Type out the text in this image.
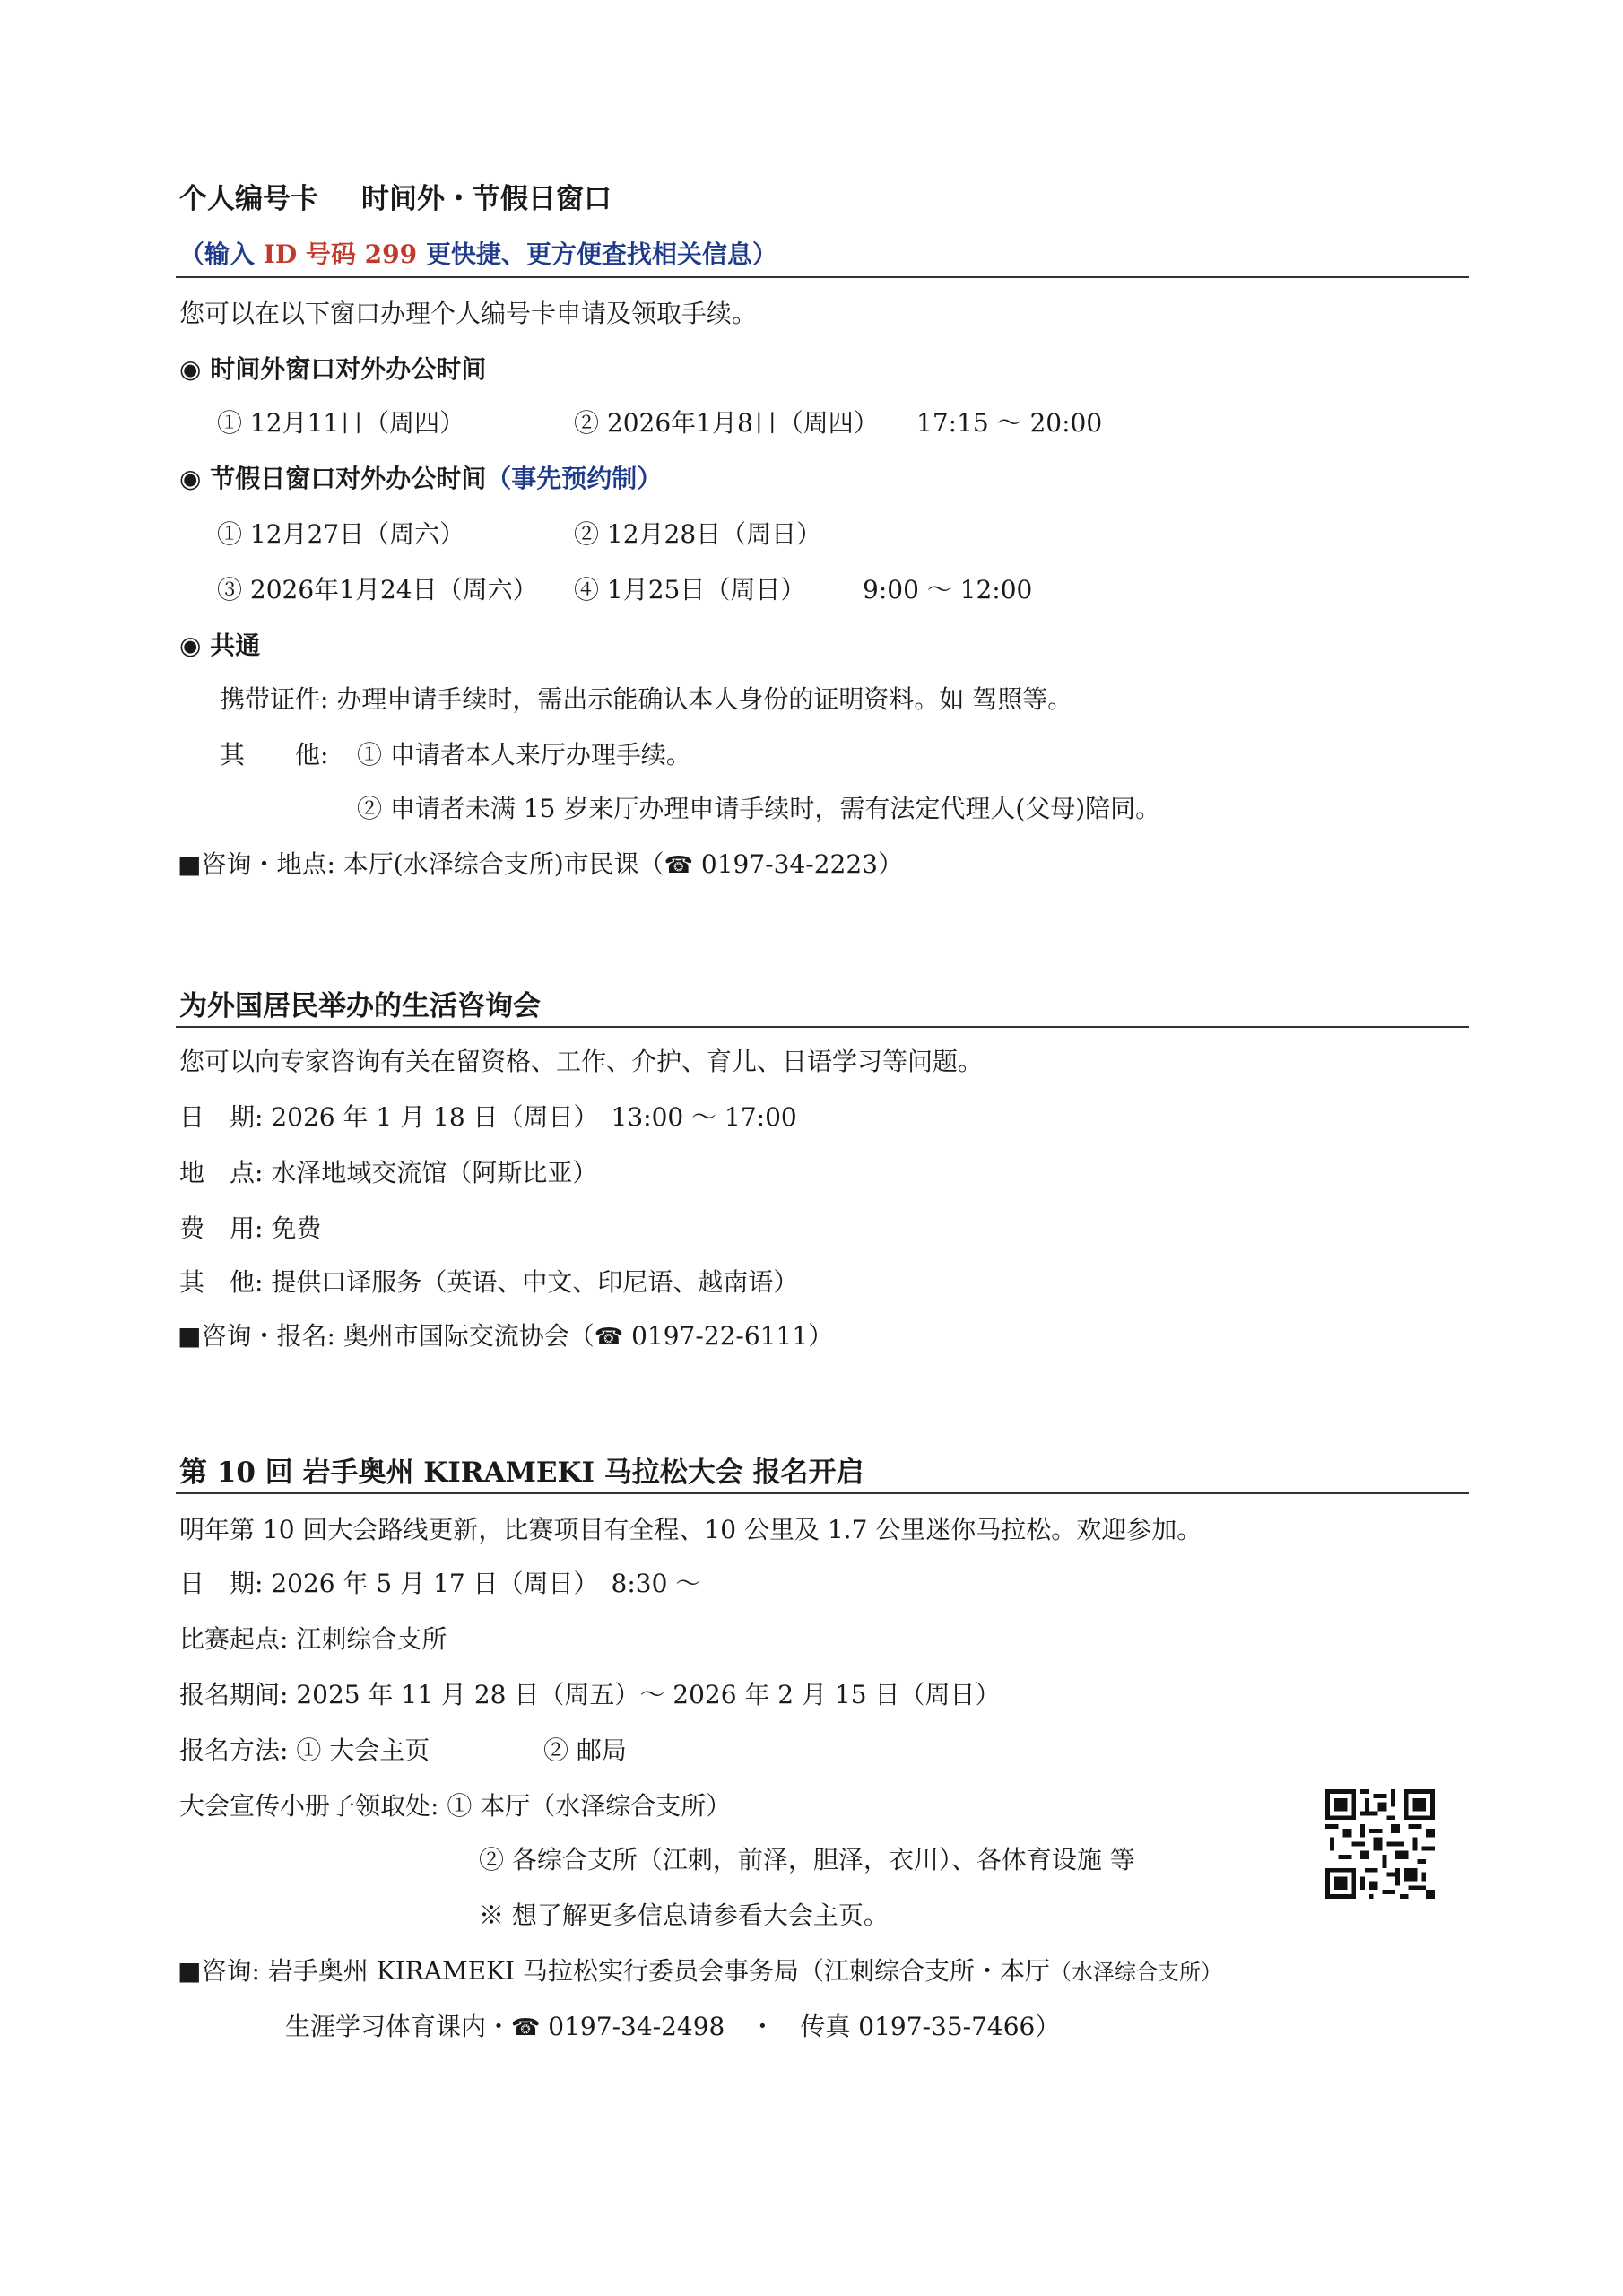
个人编号卡 时间外・节假日窗口
（输入 ID 号码 299 更快捷、更方便查找相关信息）
您可以在以下窗口办理个人编号卡申请及领取手续。
◉ 时间外窗口对外办公时间
① 12月11日（周四）	② 2026年1月8日（周四） 17:15 ～ 20:00
◉ 节假日窗口对外办公时间（事先预约制）
① 12月27日（周六）	② 12月28日（周日）
③ 2026年1月24日（周六） ④ 1月25日（周日） 9:00 ～ 12:00
◉ 共通
携带证件: 办理申请手续时，需出示能确认本人身份的证明资料。如 驾照等。
其　　他: ① 申请者本人来厅办理手续。
② 申请者未满 15 岁来厅办理申请手续时，需有法定代理人(父母)陪同。
■咨询・地点: 本厅(水泽综合支所)市民课（☎ 0197-34-2223）
为外国居民举办的生活咨询会
您可以向专家咨询有关在留资格、工作、介护、育儿、日语学习等问题。
日　期: 2026 年 1 月 18 日（周日）　13:00 ～ 17:00
地　点: 水泽地域交流馆（阿斯比亚）
费　用: 免费
其　他: 提供口译服务（英语、中文、印尼语、越南语）
■咨询・报名: 奥州市国际交流协会（☎ 0197-22-6111）
第 10 回 岩手奥州 KIRAMEKI 马拉松大会 报名开启
明年第 10 回大会路线更新，比赛项目有全程、10 公里及 1.7 公里迷你马拉松。欢迎参加。
日　期: 2026 年 5 月 17 日（周日）　8:30 ～
比赛起点: 江刺综合支所
报名期间: 2025 年 11 月 28 日（周五）～ 2026 年 2 月 15 日（周日）
报名方法: ① 大会主页	② 邮局
大会宣传小册子领取处: ① 本厅（水泽综合支所）
② 各综合支所（江刺，前泽，胆泽，衣川）、各体育设施 等
※ 想了解更多信息请参看大会主页。
■咨询: 岩手奥州 KIRAMEKI 马拉松实行委员会事务局（江刺综合支所・本厅（水泽综合支所）
生涯学习体育课内・☎ 0197-34-2498　・　传真 0197-35-7466）
